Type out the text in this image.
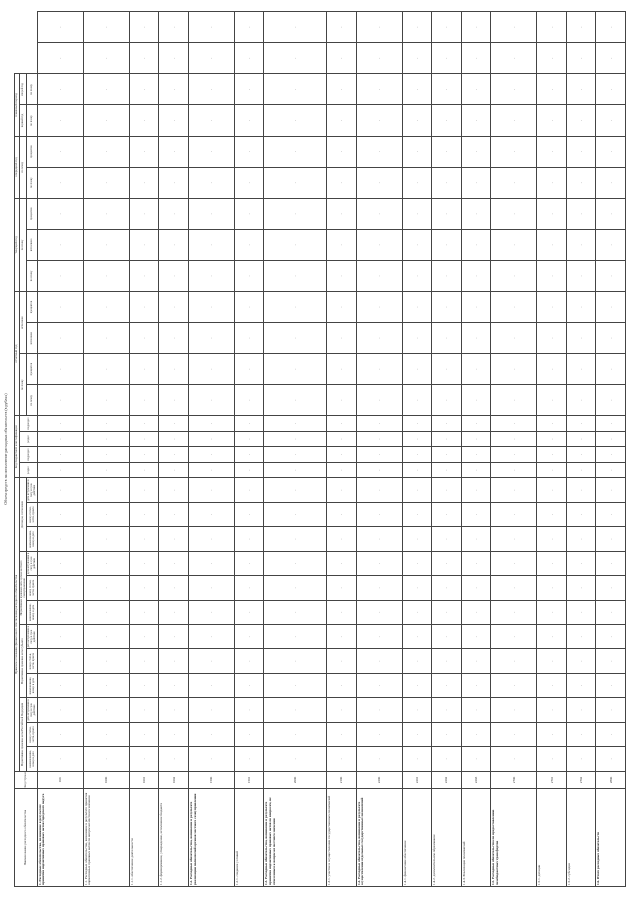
Объем средств на исполнение расходных обязательств (в рублях)
Наименование расходного обязательства	Код строки	Правовое основание финансового обеспечения расходного обязательства												Код бюджетной классификации				отчетный год				текущий год			очередной год		плановый период			
		Нормативные правовые акты Российской Федерации			Нормативные правовые акты субъекта			Нормативные правовые акты органа местного самоуправления			Договоры, соглашения			раздел	подраздел	раздел	подраздел	по плану		исполнено		по плану			по плану		первый год	второй год		
		наименование, номер и дата	номер статьи, части, пункта	дата вступления в силу и срок действия	наименование, номер и дата	номер статьи, части, пункта	дата вступления в силу и срок действия	наименование, номер и дата	номер статьи, части, пункта	дата вступления в силу и срок действия	наименование, номер и дата	номер статьи, части, пункта	дата вступления в силу и срок действия					по плану	процентов	исполнено	процентов	по плану	исполнено	процентов	по плану	процентов	по плану	по плану		
1. Расходные обязательства, возникшие в результате принятия нормативных правовых актов городского округа	100	-	-	-	-	-	-	-	-	-	-	-	-	-	-	-	-	-	-	-	-	-	-	-	-	-	-	-	-	-
1.1. Расходные обязательства, возникшие в результате принятия нормативных правовых актов по вопросам местного значения	1000	-	-	-	-	-	-	-	-	-	-	-	-	-	-	-	-	-	-	-	-	-	-	-	-	-	-	-	-	-
1.1.1. обеспечение деятельности	1001	-	-	-	-	-	-	-	-	-	-	-	-	-	-	-	-	-	-	-	-	-	-	-	-	-	-	-	-	-
1.1.2. формирование, утверждение, исполнение бюджета	1002	-	-	-	-	-	-	-	-	-	-	-	-	-	-	-	-	-	-	-	-	-	-	-	-	-	-	-	-	-
1.2. Расходные обязательства, возникшие в результате реализации полномочий органов местного самоуправления	1500	-	-	-	-	-	-	-	-	-	-	-	-	-	-	-	-	-	-	-	-	-	-	-	-	-	-	-	-	-
1.2.1. создание условий	1501	-	-	-	-	-	-	-	-	-	-	-	-	-	-	-	-	-	-	-	-	-	-	-	-	-	-	-	-	-
1.3. Расходные обязательства, возникшие в результате принятия нормативных правовых актов по вопросам, не отнесенным к вопросам местного значения	2000	-	-	-	-	-	-	-	-	-	-	-	-	-	-	-	-	-	-	-	-	-	-	-	-	-	-	-	-	-
1.3.1. участие в осуществлении государственных полномочий	2100	-	-	-	-	-	-	-	-	-	-	-	-	-	-	-	-	-	-	-	-	-	-	-	-	-	-	-	-	-
1.4. Расходные обязательства, возникшие в результате осуществления отдельных государственных полномочий	2200	-	-	-	-	-	-	-	-	-	-	-	-	-	-	-	-	-	-	-	-	-	-	-	-	-	-	-	-	-
1.4.1. финансовое обеспечение	2201	-	-	-	-	-	-	-	-	-	-	-	-	-	-	-	-	-	-	-	-	-	-	-	-	-	-	-	-	-
1.4.2. дополнительное образование	2202	-	-	-	-	-	-	-	-	-	-	-	-	-	-	-	-	-	-	-	-	-	-	-	-	-	-	-	-	-
1.4.3. Реализация полномочий	2203	-	-	-	-	-	-	-	-	-	-	-	-	-	-	-	-	-	-	-	-	-	-	-	-	-	-	-	-	-
1.5. Расходные обязательства по предоставлению межбюджетных трансфертов	2700	-	-	-	-	-	-	-	-	-	-	-	-	-	-	-	-	-	-	-	-	-	-	-	-	-	-	-	-	-
1.5.1. дотации	2701	-	-	-	-	-	-	-	-	-	-	-	-	-	-	-	-	-	-	-	-	-	-	-	-	-	-	-	-	-
1.5.2. субсидии	2702	-	-	-	-	-	-	-	-	-	-	-	-	-	-	-	-	-	-	-	-	-	-	-	-	-	-	-	-	-
1.6. Итого расходных обязательств	2800	-	-	-	-	-	-	-	-	-	-	-	-	-	-	-	-	-	-	-	-	-	-	-	-	-	-	-	-	-
